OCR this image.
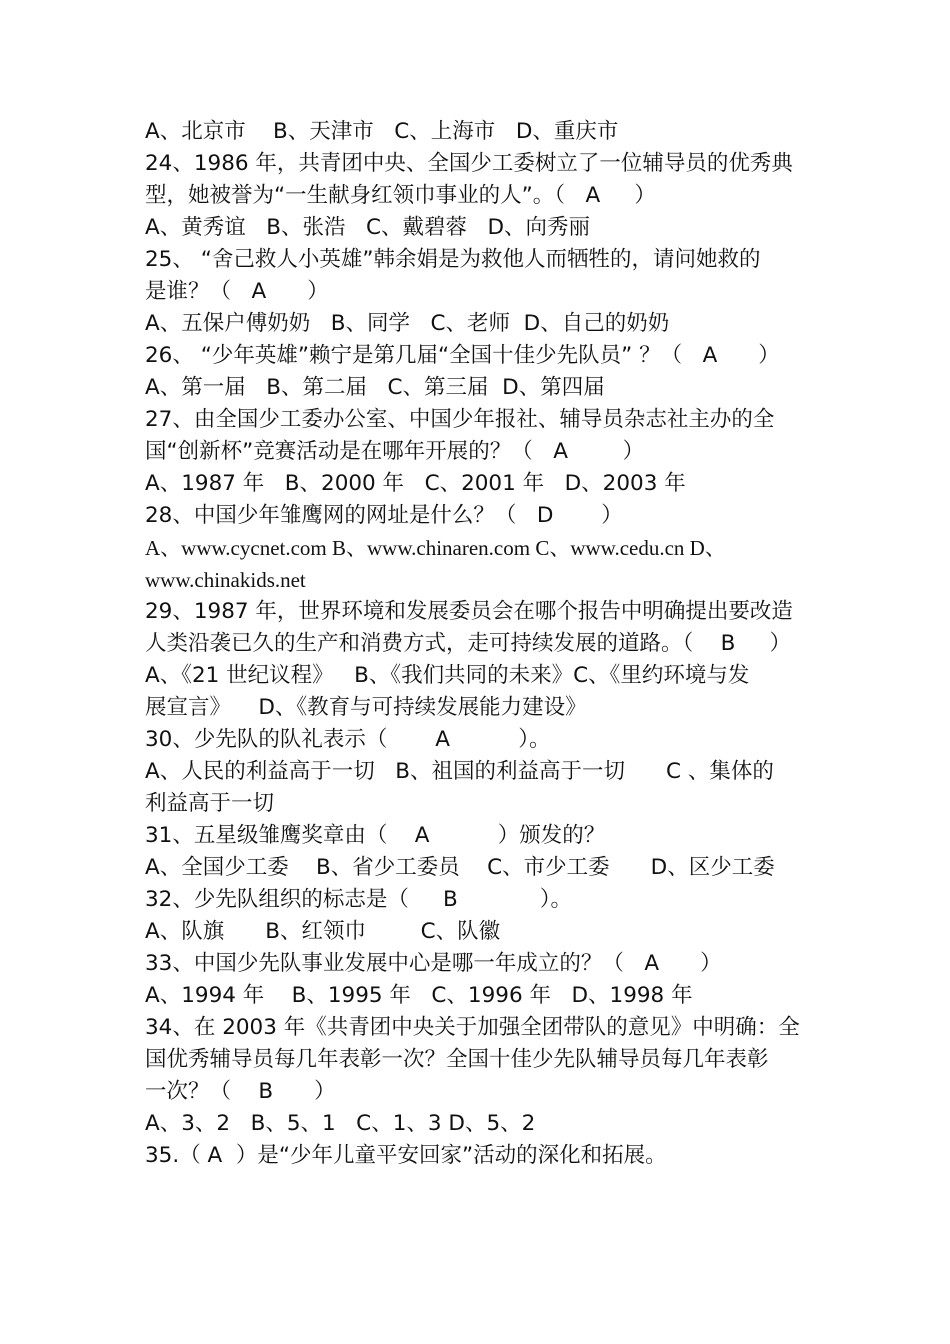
A、北京市    B、天津市   C、上海市   D、重庆市
24、1986 年，共青团中央、全国少工委树立了一位辅导员的优秀典
型，她被誉为“一生献身红领巾事业的人”。（   A     ）
A、黄秀谊   B、张浩   C、戴碧蓉   D、向秀丽
25、 “舍己救人小英雄”韩余娟是为救他人而牺牲的，请问她救的
是谁？（   A      ）
A、五保户傅奶奶   B、同学   C、老师  D、自己的奶奶
26、 “少年英雄”赖宁是第几届“全国十佳少先队员” ？（   A      ）
A、第一届   B、第二届   C、第三届  D、第四届
27、由全国少工委办公室、中国少年报社、辅导员杂志社主办的全
国“创新杯”竞赛活动是在哪年开展的？（   A        ）
A、1987 年   B、2000 年   C、2001 年   D、2003 年
28、中国少年雏鹰网的网址是什么？（   D       ）
A、www.cycnet.com B、www.chinaren.com C、www.cedu.cn D、
www.chinakids.net
29、1987 年，世界环境和发展委员会在哪个报告中明确提出要改造
人类沿袭已久的生产和消费方式，走可持续发展的道路。（    B     ）
A、《21 世纪议程》   B、《我们共同的未来》C、《里约环境与发
展宣言》    D、《教育与可持续发展能力建设》
30、少先队的队礼表示（       A          ）。
A、人民的利益高于一切   B、祖国的利益高于一切      C 、集体的
利益高于一切
31、五星级雏鹰奖章由（    A          ）颁发的？
A、全国少工委    B、省少工委员    C、市少工委      D、区少工委
32、少先队组织的标志是（     B            ）。
A、队旗      B、红领巾        C、队徽
33、中国少先队事业发展中心是哪一年成立的？（   A      ）
A、1994 年    B、1995 年   C、1996 年   D、1998 年
34、在 2003 年《共青团中央关于加强全团带队的意见》中明确：全
国优秀辅导员每几年表彰一次？全国十佳少先队辅导员每几年表彰
一次？（    B      ）
A、3、2   B、5、1   C、1、3 D、5、2
35.（ A  ）是“少年儿童平安回家”活动的深化和拓展。
